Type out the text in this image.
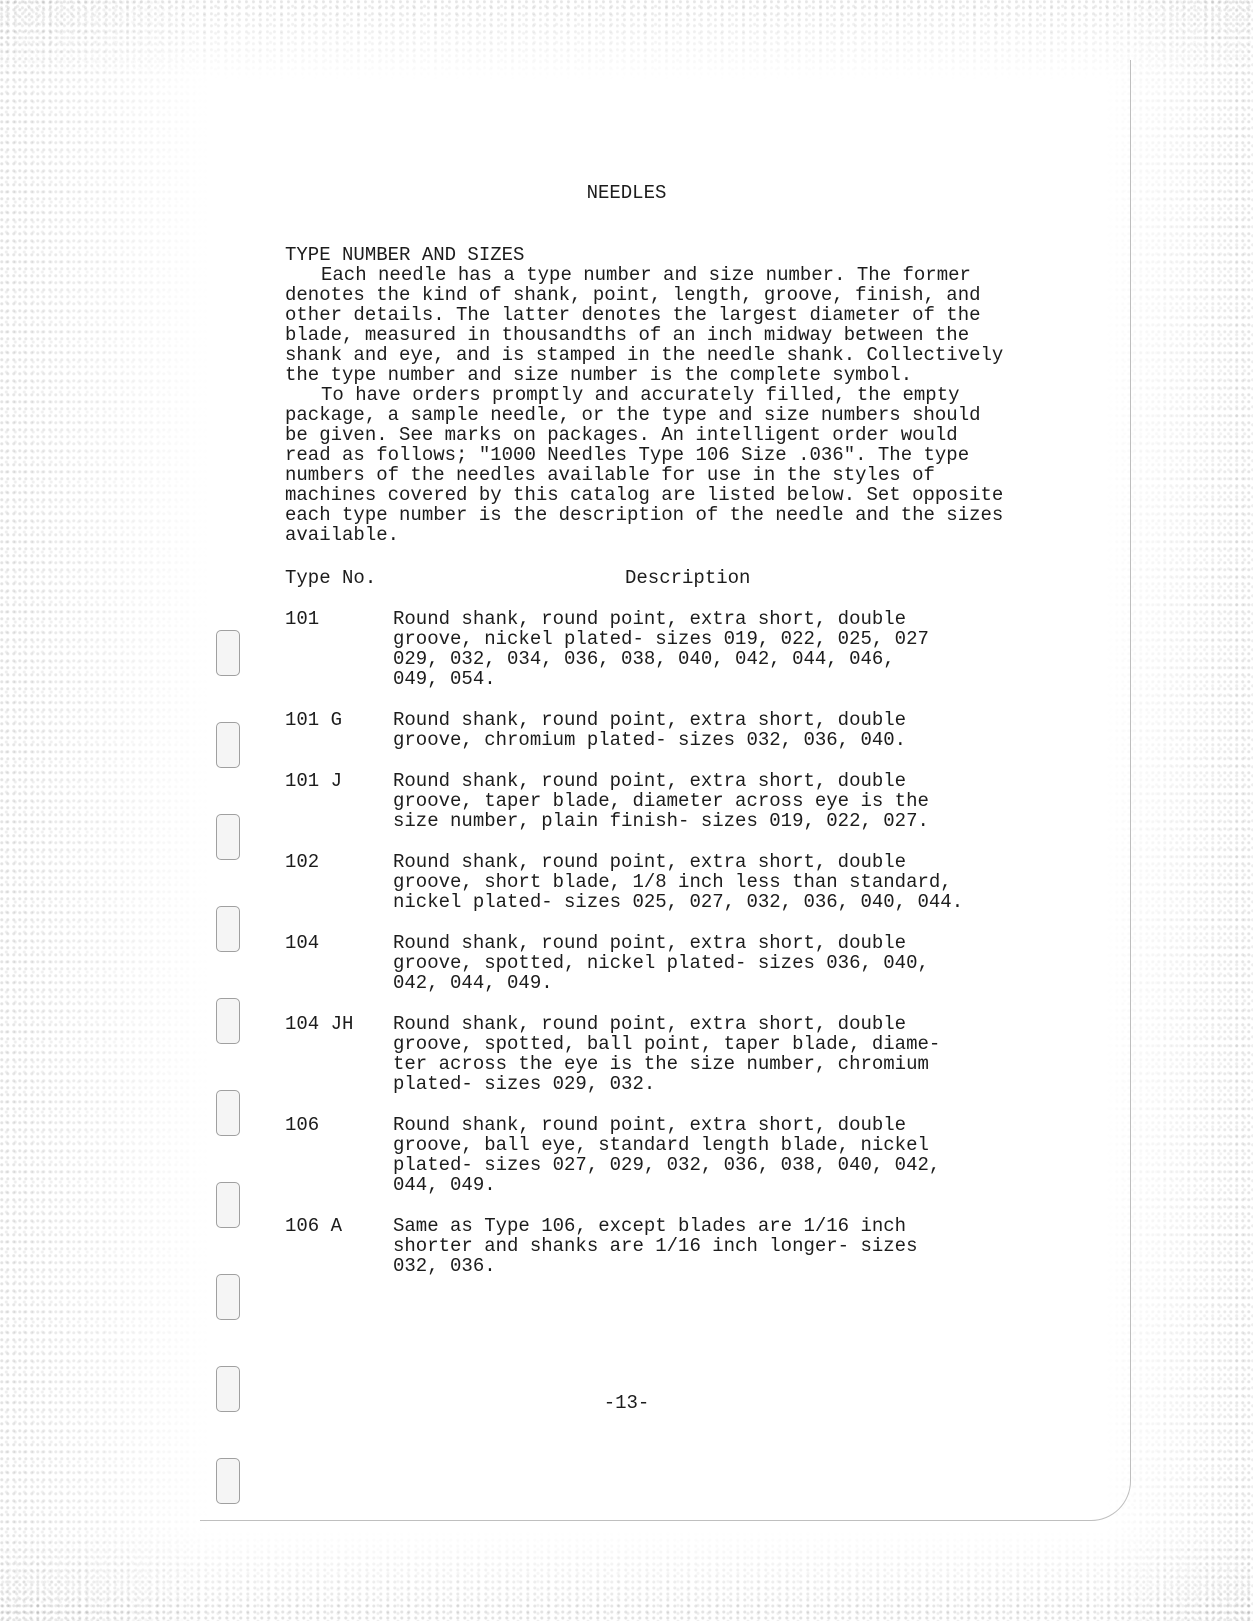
NEEDLES

TYPE NUMBER AND SIZES

Each needle has a type number and size number. The former denotes the kind of shank, point, length, groove, finish, and other details. The latter denotes the largest diameter of the blade, measured in thousandths of an inch midway between the shank and eye, and is stamped in the needle shank. Collectively the type number and size number is the complete symbol.

To have orders promptly and accurately filled, the empty package, a sample needle, or the type and size numbers should be given. See marks on packages. An intelligent order would read as follows; "1000 Needles Type 106 Size .036". The type numbers of the needles available for use in the styles of machines covered by this catalog are listed below. Set opposite each type number is the description of the needle and the sizes available.

Type No.	Description
101	Round shank, round point, extra short, double
groove, nickel plated- sizes 019, 022, 025, 027
029, 032, 034, 036, 038, 040, 042, 044, 046,
049, 054.
101 G	Round shank, round point, extra short, double
groove, chromium plated- sizes 032, 036, 040.
101 J	Round shank, round point, extra short, double
groove, taper blade, diameter across eye is the
size number, plain finish- sizes 019, 022, 027.
102	Round shank, round point, extra short, double
groove, short blade, 1/8 inch less than standard,
nickel plated- sizes 025, 027, 032, 036, 040, 044.
104	Round shank, round point, extra short, double
groove, spotted, nickel plated- sizes 036, 040,
042, 044, 049.
104 JH	Round shank, round point, extra short, double
groove, spotted, ball point, taper blade, diame-
ter across the eye is the size number, chromium
plated- sizes 029, 032.
106	Round shank, round point, extra short, double
groove, ball eye, standard length blade, nickel
plated- sizes 027, 029, 032, 036, 038, 040, 042,
044, 049.
106 A	Same as Type 106, except blades are 1/16 inch
shorter and shanks are 1/16 inch longer- sizes
032, 036.
-13-
